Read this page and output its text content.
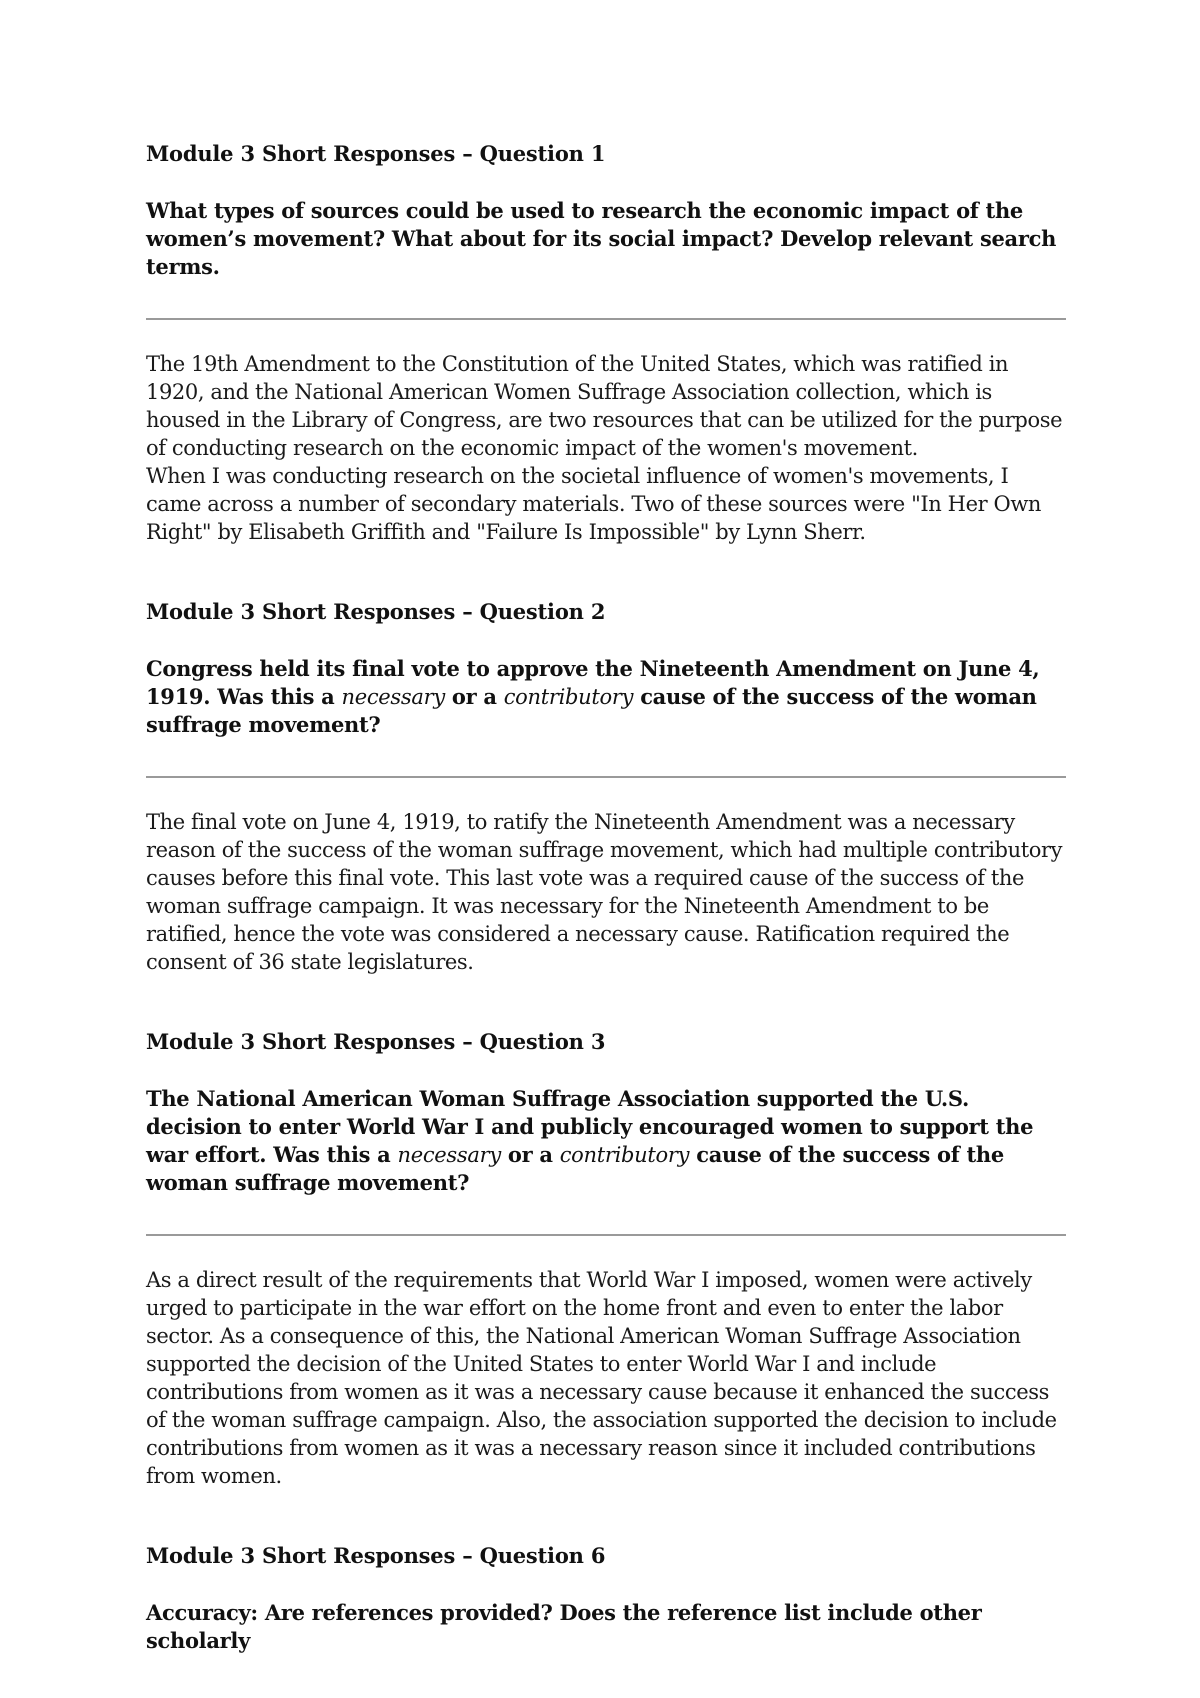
Module 3 Short Responses – Question 1

What types of sources could be used to research the economic impact of the women’s movement? What about for its social impact? Develop relevant search terms.

The 19th Amendment to the Constitution of the United States, which was ratified in 1920, and the National American Women Suffrage Association collection, which is housed in the Library of Congress, are two resources that can be utilized for the purpose of conducting research on the economic impact of the women's movement.

When I was conducting research on the societal influence of women's movements, I came across a number of secondary materials. Two of these sources were "In Her Own Right" by Elisabeth Griffith and "Failure Is Impossible" by Lynn Sherr.

Module 3 Short Responses – Question 2

Congress held its final vote to approve the Nineteenth Amendment on June 4, 1919. Was this a necessary or a contributory cause of the success of the woman suffrage movement?

The final vote on June 4, 1919, to ratify the Nineteenth Amendment was a necessary reason of the success of the woman suffrage movement, which had multiple contributory causes before this final vote. This last vote was a required cause of the success of the woman suffrage campaign. It was necessary for the Nineteenth Amendment to be ratified, hence the vote was considered a necessary cause. Ratification required the consent of 36 state legislatures.

Module 3 Short Responses – Question 3

The National American Woman Suffrage Association supported the U.S. decision to enter World War I and publicly encouraged women to support the war effort. Was this a necessary or a contributory cause of the success of the woman suffrage movement?

As a direct result of the requirements that World War I imposed, women were actively urged to participate in the war effort on the home front and even to enter the labor sector. As a consequence of this, the National American Woman Suffrage Association supported the decision of the United States to enter World War I and include contributions from women as it was a necessary cause because it enhanced the success of the woman suffrage campaign. Also, the association supported the decision to include contributions from women as it was a necessary reason since it included contributions from women.

Module 3 Short Responses – Question 6

Accuracy: Are references provided? Does the reference list include other scholarly
